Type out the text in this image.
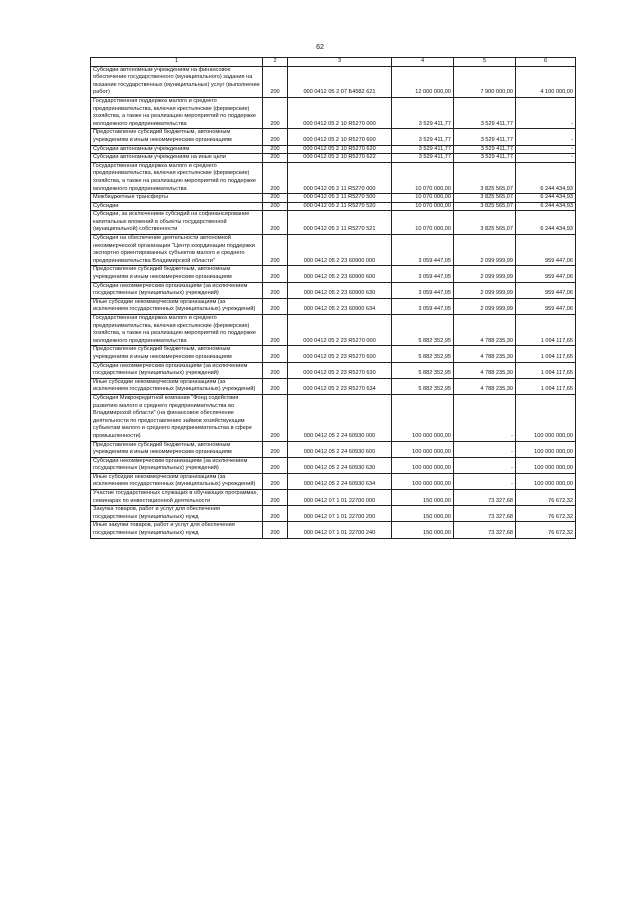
62
1	2	3	4	5	6
Субсидии автономным учреждениям на финансовое обеспечение государственного (муниципального) задания на оказание государственных (муниципальных) услуг (выполнение работ)	200	000 0412 05 2 07 Б4582 621	12 000 000,00	7 900 000,00	4 100 000,00
Государственная поддержка малого и среднего предпринимательства, включая крестьянские (фермерские) хозяйства, а также на реализацию мероприятий по поддержке молодежного предпринимательства	200	000 0412 05 2 10 R5270 000	3 529 411,77	3 529 411,77	-
Предоставление субсидий бюджетным, автономным учреждениям и иным некоммерческим организациям	200	000 0412 05 2 10 R5270 600	3 529 411,77	3 529 411,77	-
Субсидии автономным учреждениям	200	000 0412 05 2 10 R5270 620	3 529 411,77	3 529 411,77	-
Субсидии автономным учреждениям на иные цели	200	000 0412 05 2 10 R5270 622	3 529 411,77	3 529 411,77	-
Государственная поддержка малого и среднего предпринимательства, включая крестьянские (фермерские) хозяйства, а также на реализацию мероприятий по поддержке молодежного предпринимательства	200	000 0412 05 2 11 R5270 000	10 070 000,00	3 825 565,07	6 244 434,93
Межбюджетные трансферты	200	000 0412 05 2 11 R5270 500	10 070 000,00	3 825 565,07	6 244 434,93
Субсидии	200	000 0412 05 2 11 R5270 520	10 070 000,00	3 825 565,07	6 244 434,93
Субсидии, за исключением субсидий на софинансирование капитальных вложений в объекты государственной (муниципальной) собственности	200	000 0412 05 2 11 R5270 521	10 070 000,00	3 825 565,07	6 244 434,93
Субсидия на обеспечение деятельности автономной некоммерческой организации "Центр координации поддержки экспортно ориентированных субъектов малого и среднего предпринимательства Владимирской области"	200	000 0412 05 2 23 60900 000	3 059 447,05	2 099 999,99	959 447,06
Предоставление субсидий бюджетным, автономным учреждениям и иным некоммерческим организациям	200	000 0412 05 2 23 60900 600	3 059 447,05	2 099 999,99	959 447,06
Субсидии некоммерческим организациям (за исключением государственных (муниципальных) учреждений)	200	000 0412 05 2 23 60900 630	3 059 447,05	2 099 999,99	959 447,06
Иные субсидии некоммерческим организациям (за исключением государственных (муниципальных) учреждений)	200	000 0412 05 2 23 60900 634	3 059 447,05	2 099 999,99	959 447,06
Государственная поддержка малого и среднего предпринимательства, включая крестьянские (фермерские) хозяйства, а также на реализацию мероприятий по поддержке молодежного предпринимательства	200	000 0412 05 2 23 R5270 000	5 882 352,95	4 788 235,30	1 094 117,65
Предоставление субсидий бюджетным, автономным учреждениям и иным некоммерческим организациям	200	000 0412 05 2 23 R5270 600	5 882 352,95	4 788 235,30	1 094 117,65
Субсидии некоммерческим организациям (за исключением государственных (муниципальных) учреждений)	200	000 0412 05 2 23 R5270 630	5 882 352,95	4 788 235,30	1 094 117,65
Иные субсидии некоммерческим организациям (за исключением государственных (муниципальных) учреждений)	200	000 0412 05 2 23 R5270 634	5 882 352,95	4 788 235,30	1 094 117,65
Субсидия Микрокредитной компании "Фонд содействия развитию малого и среднего предпринимательства во Владимирской области" (на финансовое обеспечение деятельности по предоставлению займов хозяйствующим субъектам малого и среднего предпринимательства в сфере промышленности)	200	000 0412 05 2 24 60930 000	100 000 000,00	-	100 000 000,00
Предоставление субсидий бюджетным, автономным учреждениям и иным некоммерческим организациям	200	000 0412 05 2 24 60930 600	100 000 000,00	-	100 000 000,00
Субсидии некоммерческим организациям (за исключением государственных (муниципальных) учреждений)	200	000 0412 05 2 24 60930 630	100 000 000,00	-	100 000 000,00
Иные субсидии некоммерческим организациям (за исключением государственных (муниципальных) учреждений)	200	000 0412 05 2 24 60930 634	100 000 000,00	-	100 000 000,00
Участие государственных служащих в обучающих программах, семинарах по инвестиционной деятельности	200	000 0412 07 1 01 22700 000	150 000,00	73 327,68	76 672,32
Закупка товаров, работ и услуг для обеспечения государственных (муниципальных) нужд	200	000 0412 07 1 01 22700 200	150 000,00	73 327,68	76 672,32
Иные закупки товаров, работ и услуг для обеспечения государственных (муниципальных) нужд	200	000 0412 07 1 01 22700 240	150 000,00	73 327,68	76 672,32
